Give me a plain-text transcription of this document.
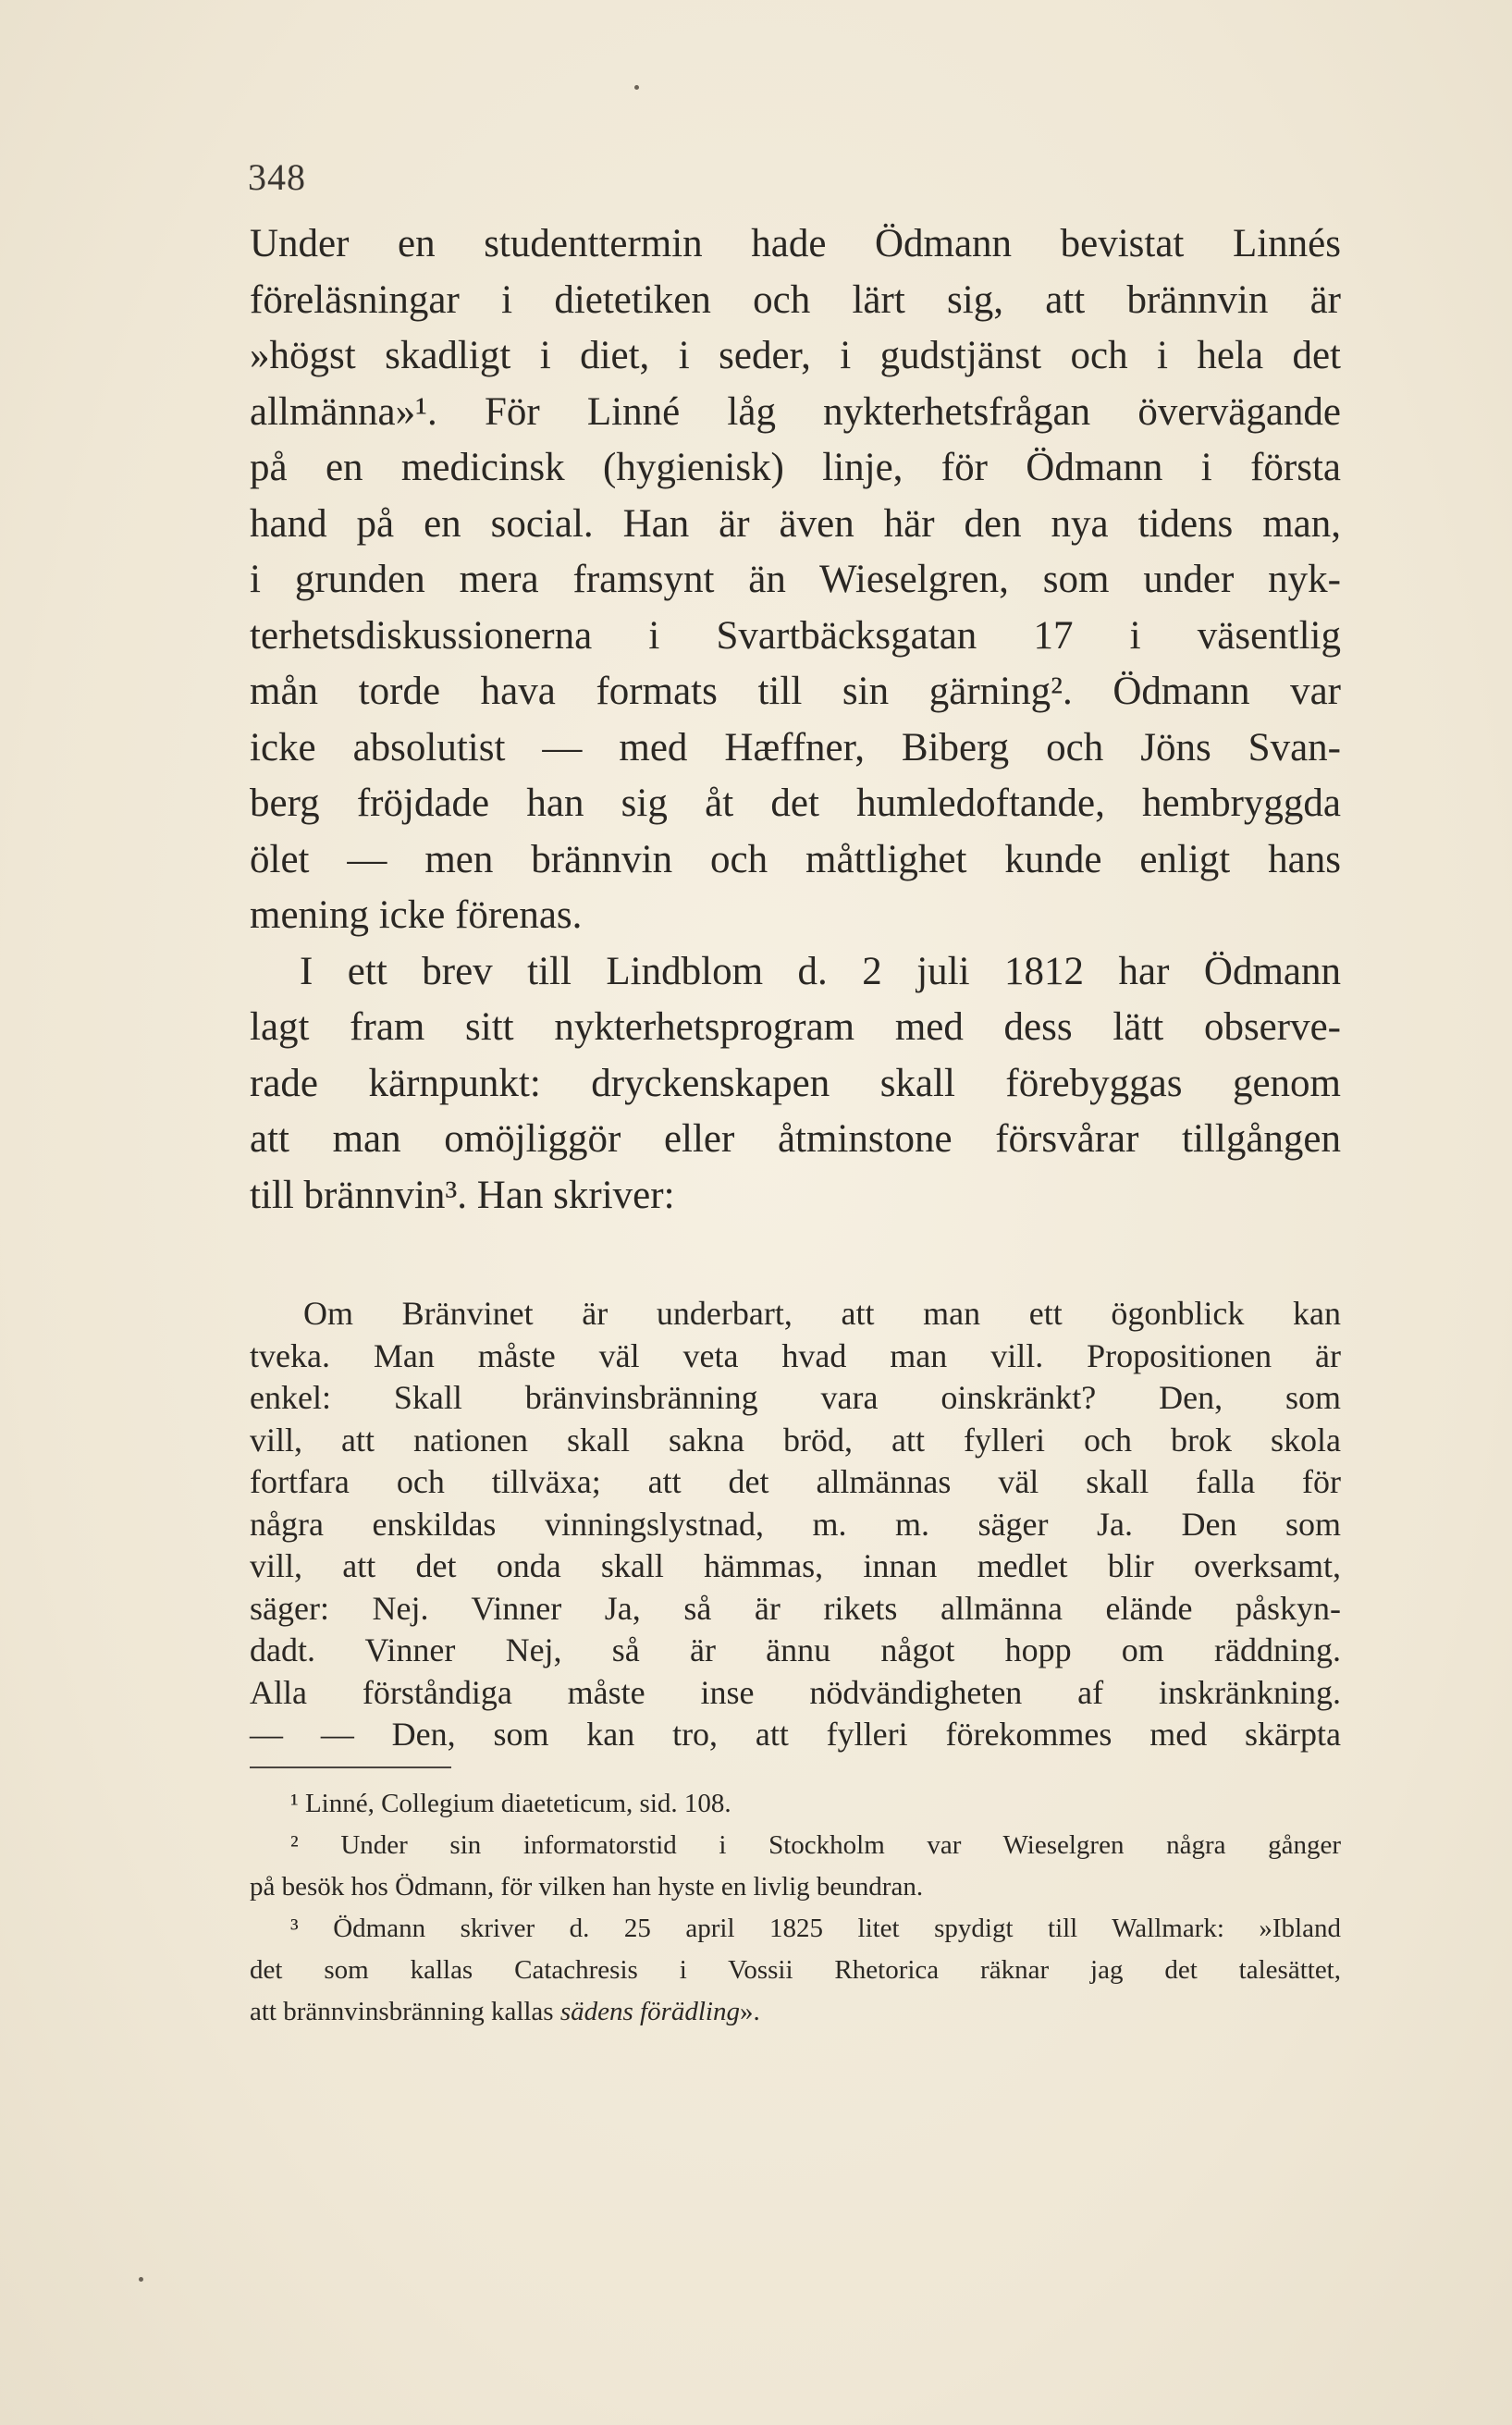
348
Under en studenttermin hade Ödmann bevistat Linnés
föreläsningar i dietetiken och lärt sig, att brännvin är
»högst skadligt i diet, i seder, i gudstjänst och i hela det
allmänna»¹. För Linné låg nykterhetsfrågan övervägande
på en medicinsk (hygienisk) linje, för Ödmann i första
hand på en social. Han är även här den nya tidens man,
i grunden mera framsynt än Wieselgren, som under nyk-
terhetsdiskussionerna i Svartbäcksgatan 17 i väsentlig
mån torde hava formats till sin gärning². Ödmann var
icke absolutist — med Hæffner, Biberg och Jöns Svan-
berg fröjdade han sig åt det humledoftande, hembryggda
ölet — men brännvin och måttlighet kunde enligt hans
mening icke förenas.
I ett brev till Lindblom d. 2 juli 1812 har Ödmann
lagt fram sitt nykterhetsprogram med dess lätt observe-
rade kärnpunkt: dryckenskapen skall förebyggas genom
att man omöjliggör eller åtminstone försvårar tillgången
till brännvin³. Han skriver:
Om Bränvinet är underbart, att man ett ögonblick kan
tveka. Man måste väl veta hvad man vill. Propositionen är
enkel: Skall bränvinsbränning vara oinskränkt? Den, som
vill, att nationen skall sakna bröd, att fylleri och brok skola
fortfara och tillväxa; att det allmännas väl skall falla för
några enskildas vinningslystnad, m. m. säger Ja. Den som
vill, att det onda skall hämmas, innan medlet blir overksamt,
säger: Nej. Vinner Ja, så är rikets allmänna elände påskyn-
dadt. Vinner Nej, så är ännu något hopp om räddning.
Alla förståndiga måste inse nödvändigheten af inskränkning.
— — Den, som kan tro, att fylleri förekommes med skärpta
¹ Linné, Collegium diaeteticum, sid. 108.
² Under sin informatorstid i Stockholm var Wieselgren några gånger
på besök hos Ödmann, för vilken han hyste en livlig beundran.
³ Ödmann skriver d. 25 april 1825 litet spydigt till Wallmark: »Ibland
det som kallas Catachresis i Vossii Rhetorica räknar jag det talesättet,
att brännvinsbränning kallas sädens förädling».
